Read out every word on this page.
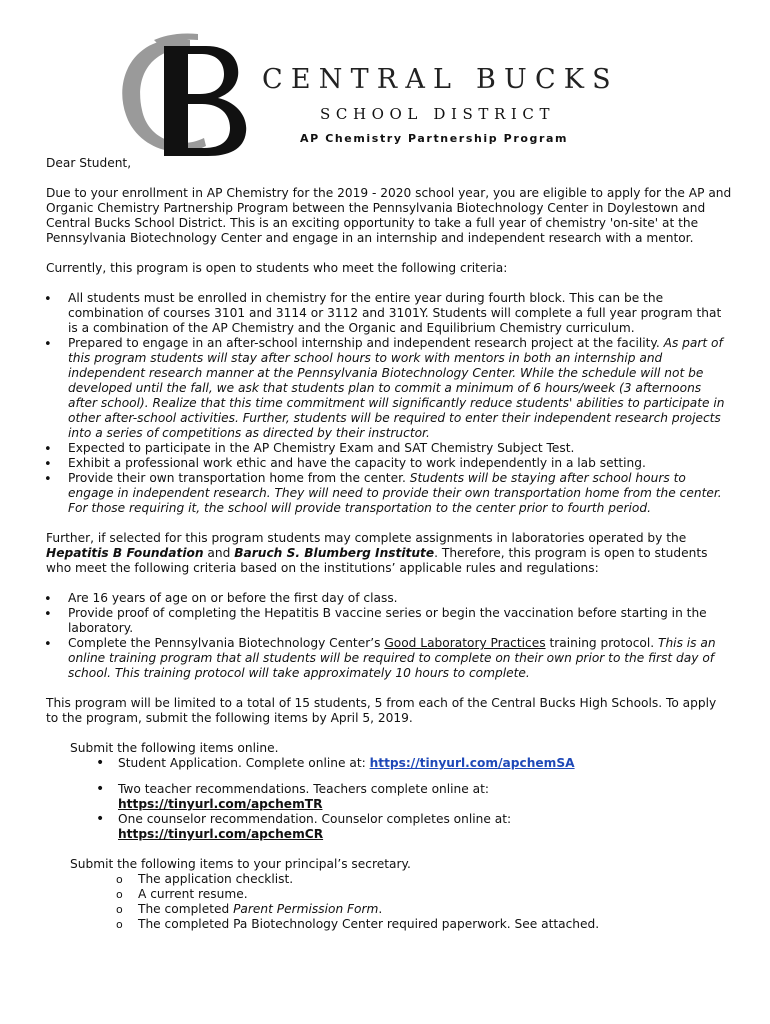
CENTRAL BUCKS
SCHOOL DISTRICT
AP Chemistry Partnership Program

Dear Student,

Due to your enrollment in AP Chemistry for the 2019 - 2020 school year, you are eligible to apply for the AP and Organic Chemistry Partnership Program between the Pennsylvania Biotechnology Center in Doylestown and Central Bucks School District. This is an exciting opportunity to take a full year of chemistry 'on-site' at the Pennsylvania Biotechnology Center and engage in an internship and independent research with a mentor.

Currently, this program is open to students who meet the following criteria:

• All students must be enrolled in chemistry for the entire year during fourth block. This can be the combination of courses 3101 and 3114 or 3112 and 3101Y. Students will complete a full year program that is a combination of the AP Chemistry and the Organic and Equilibrium Chemistry curriculum.
• Prepared to engage in an after-school internship and independent research project at the facility. As part of this program students will stay after school hours to work with mentors in both an internship and independent research manner at the Pennsylvania Biotechnology Center. While the schedule will not be developed until the fall, we ask that students plan to commit a minimum of 6 hours/week (3 afternoons after school). Realize that this time commitment will significantly reduce students' abilities to participate in other after-school activities. Further, students will be required to enter their independent research projects into a series of competitions as directed by their instructor.
• Expected to participate in the AP Chemistry Exam and SAT Chemistry Subject Test.
• Exhibit a professional work ethic and have the capacity to work independently in a lab setting.
• Provide their own transportation home from the center. Students will be staying after school hours to engage in independent research. They will need to provide their own transportation home from the center. For those requiring it, the school will provide transportation to the center prior to fourth period.

Further, if selected for this program students may complete assignments in laboratories operated by the Hepatitis B Foundation and Baruch S. Blumberg Institute. Therefore, this program is open to students who meet the following criteria based on the institutions’ applicable rules and regulations:

• Are 16 years of age on or before the first day of class.
• Provide proof of completing the Hepatitis B vaccine series or begin the vaccination before starting in the laboratory.
• Complete the Pennsylvania Biotechnology Center’s Good Laboratory Practices training protocol. This is an online training program that all students will be required to complete on their own prior to the first day of school. This training protocol will take approximately 10 hours to complete.

This program will be limited to a total of 15 students, 5 from each of the Central Bucks High Schools. To apply to the program, submit the following items by April 5, 2019.

Submit the following items online.

• Student Application. Complete online at: https://tinyurl.com/apchemSA
• Two teacher recommendations. Teachers complete online at:
https://tinyurl.com/apchemTR
• One counselor recommendation. Counselor completes online at:
https://tinyurl.com/apchemCR

Submit the following items to your principal’s secretary.

o The application checklist.
o A current resume.
o The completed Parent Permission Form.
o The completed Pa Biotechnology Center required paperwork. See attached.
